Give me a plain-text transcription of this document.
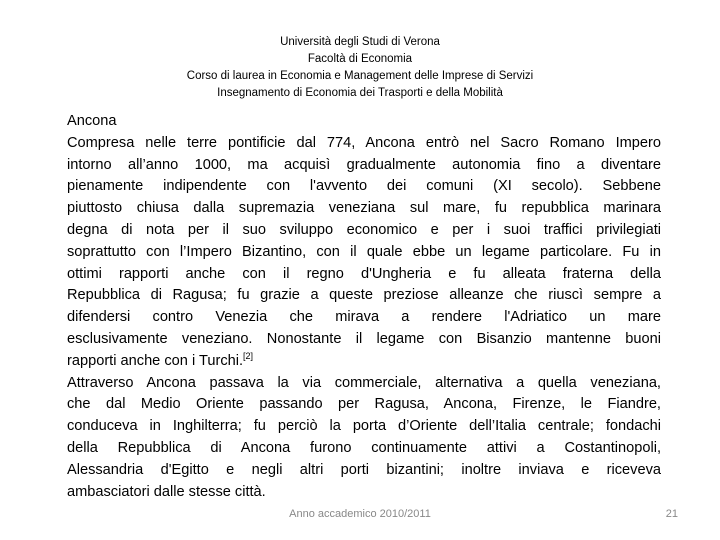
Università degli Studi di Verona
Facoltà di Economia
Corso di laurea in Economia e Management delle Imprese di Servizi
Insegnamento di Economia dei Trasporti e della Mobilità
Ancona
Compresa nelle terre pontificie dal 774, Ancona entrò nel Sacro Romano Impero
intorno all’anno 1000, ma acquisì gradualmente autonomia fino a diventare
pienamente indipendente con l'avvento dei comuni (XI secolo). Sebbene
piuttosto chiusa dalla supremazia veneziana sul mare, fu repubblica marinara
degna di nota per il suo sviluppo economico e per i suoi traffici privilegiati
soprattutto con l’Impero Bizantino, con il quale ebbe un legame particolare. Fu in
ottimi rapporti anche con il regno d'Ungheria e fu alleata fraterna della
Repubblica di Ragusa; fu grazie a queste preziose alleanze che riuscì sempre a
difendersi contro Venezia che mirava a rendere l'Adriatico un mare
esclusivamente veneziano. Nonostante il legame con Bisanzio mantenne buoni
rapporti anche con i Turchi.[2]
Attraverso Ancona passava la via commerciale, alternativa a quella veneziana,
che dal Medio Oriente passando per Ragusa, Ancona, Firenze, le Fiandre,
conduceva in Inghilterra; fu perciò la porta d’Oriente dell’Italia centrale; fondachi
della Repubblica di Ancona furono continuamente attivi a Costantinopoli,
Alessandria d'Egitto e negli altri porti bizantini; inoltre inviava e riceveva
ambasciatori dalle stesse città.
Anno accademico 2010/2011	21
